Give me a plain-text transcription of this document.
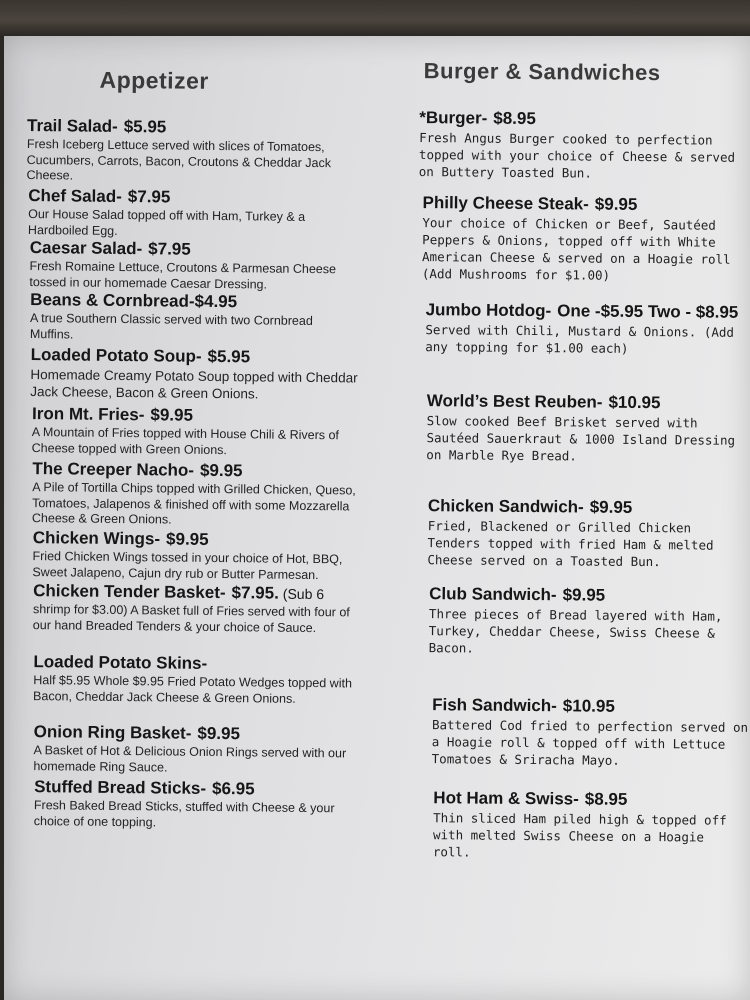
Appetizer
Trail Salad- $5.95
Fresh Iceberg Lettuce served with slices of Tomatoes, Cucumbers, Carrots, Bacon, Croutons & Cheddar Jack Cheese.
Chef Salad- $7.95
Our House Salad topped off with Ham, Turkey & a Hardboiled Egg.
Caesar Salad- $7.95
Fresh Romaine Lettuce, Croutons & Parmesan Cheese tossed in our homemade Caesar Dressing.
Beans & Cornbread-$4.95
A true Southern Classic served with two Cornbread Muffins.
Loaded Potato Soup- $5.95
Homemade Creamy Potato Soup topped with Cheddar Jack Cheese, Bacon & Green Onions.
Iron Mt. Fries- $9.95
A Mountain of Fries topped with House Chili & Rivers of Cheese topped with Green Onions.
The Creeper Nacho- $9.95
A Pile of Tortilla Chips topped with Grilled Chicken, Queso, Tomatoes, Jalapenos & finished off with some Mozzarella Cheese & Green Onions.
Chicken Wings- $9.95
Fried Chicken Wings tossed in your choice of Hot, BBQ, Sweet Jalapeno, Cajun dry rub or Butter Parmesan.
Chicken Tender Basket- $7.95. (Sub 6
shrimp for $3.00) A Basket full of Fries served with four of our hand Breaded Tenders & your choice of Sauce.
Loaded Potato Skins-
Half $5.95 Whole $9.95 Fried Potato Wedges topped with Bacon, Cheddar Jack Cheese & Green Onions.
Onion Ring Basket- $9.95
A Basket of Hot & Delicious Onion Rings served with our homemade Ring Sauce.
Stuffed Bread Sticks- $6.95
Fresh Baked Bread Sticks, stuffed with Cheese & your choice of one topping.
Burger & Sandwiches
*Burger- $8.95
Fresh Angus Burger cooked to perfection topped with your choice of Cheese & served on Buttery Toasted Bun.
Philly Cheese Steak- $9.95
Your choice of Chicken or Beef, Sautéed Peppers & Onions, topped off with White American Cheese & served on a Hoagie roll (Add Mushrooms for $1.00)
Jumbo Hotdog- One -$5.95 Two - $8.95
Served with Chili, Mustard & Onions. (Add any topping for $1.00 each)
World’s Best Reuben- $10.95
Slow cooked Beef Brisket served with Sautéed Sauerkraut & 1000 Island Dressing on Marble Rye Bread.
Chicken Sandwich- $9.95
Fried, Blackened or Grilled Chicken Tenders topped with fried Ham & melted Cheese served on a Toasted Bun.
Club Sandwich- $9.95
Three pieces of Bread layered with Ham, Turkey, Cheddar Cheese, Swiss Cheese & Bacon.
Fish Sandwich- $10.95
Battered Cod fried to perfection served on a Hoagie roll & topped off with Lettuce Tomatoes & Sriracha Mayo.
Hot Ham & Swiss- $8.95
Thin sliced Ham piled high & topped off with melted Swiss Cheese on a Hoagie roll.
